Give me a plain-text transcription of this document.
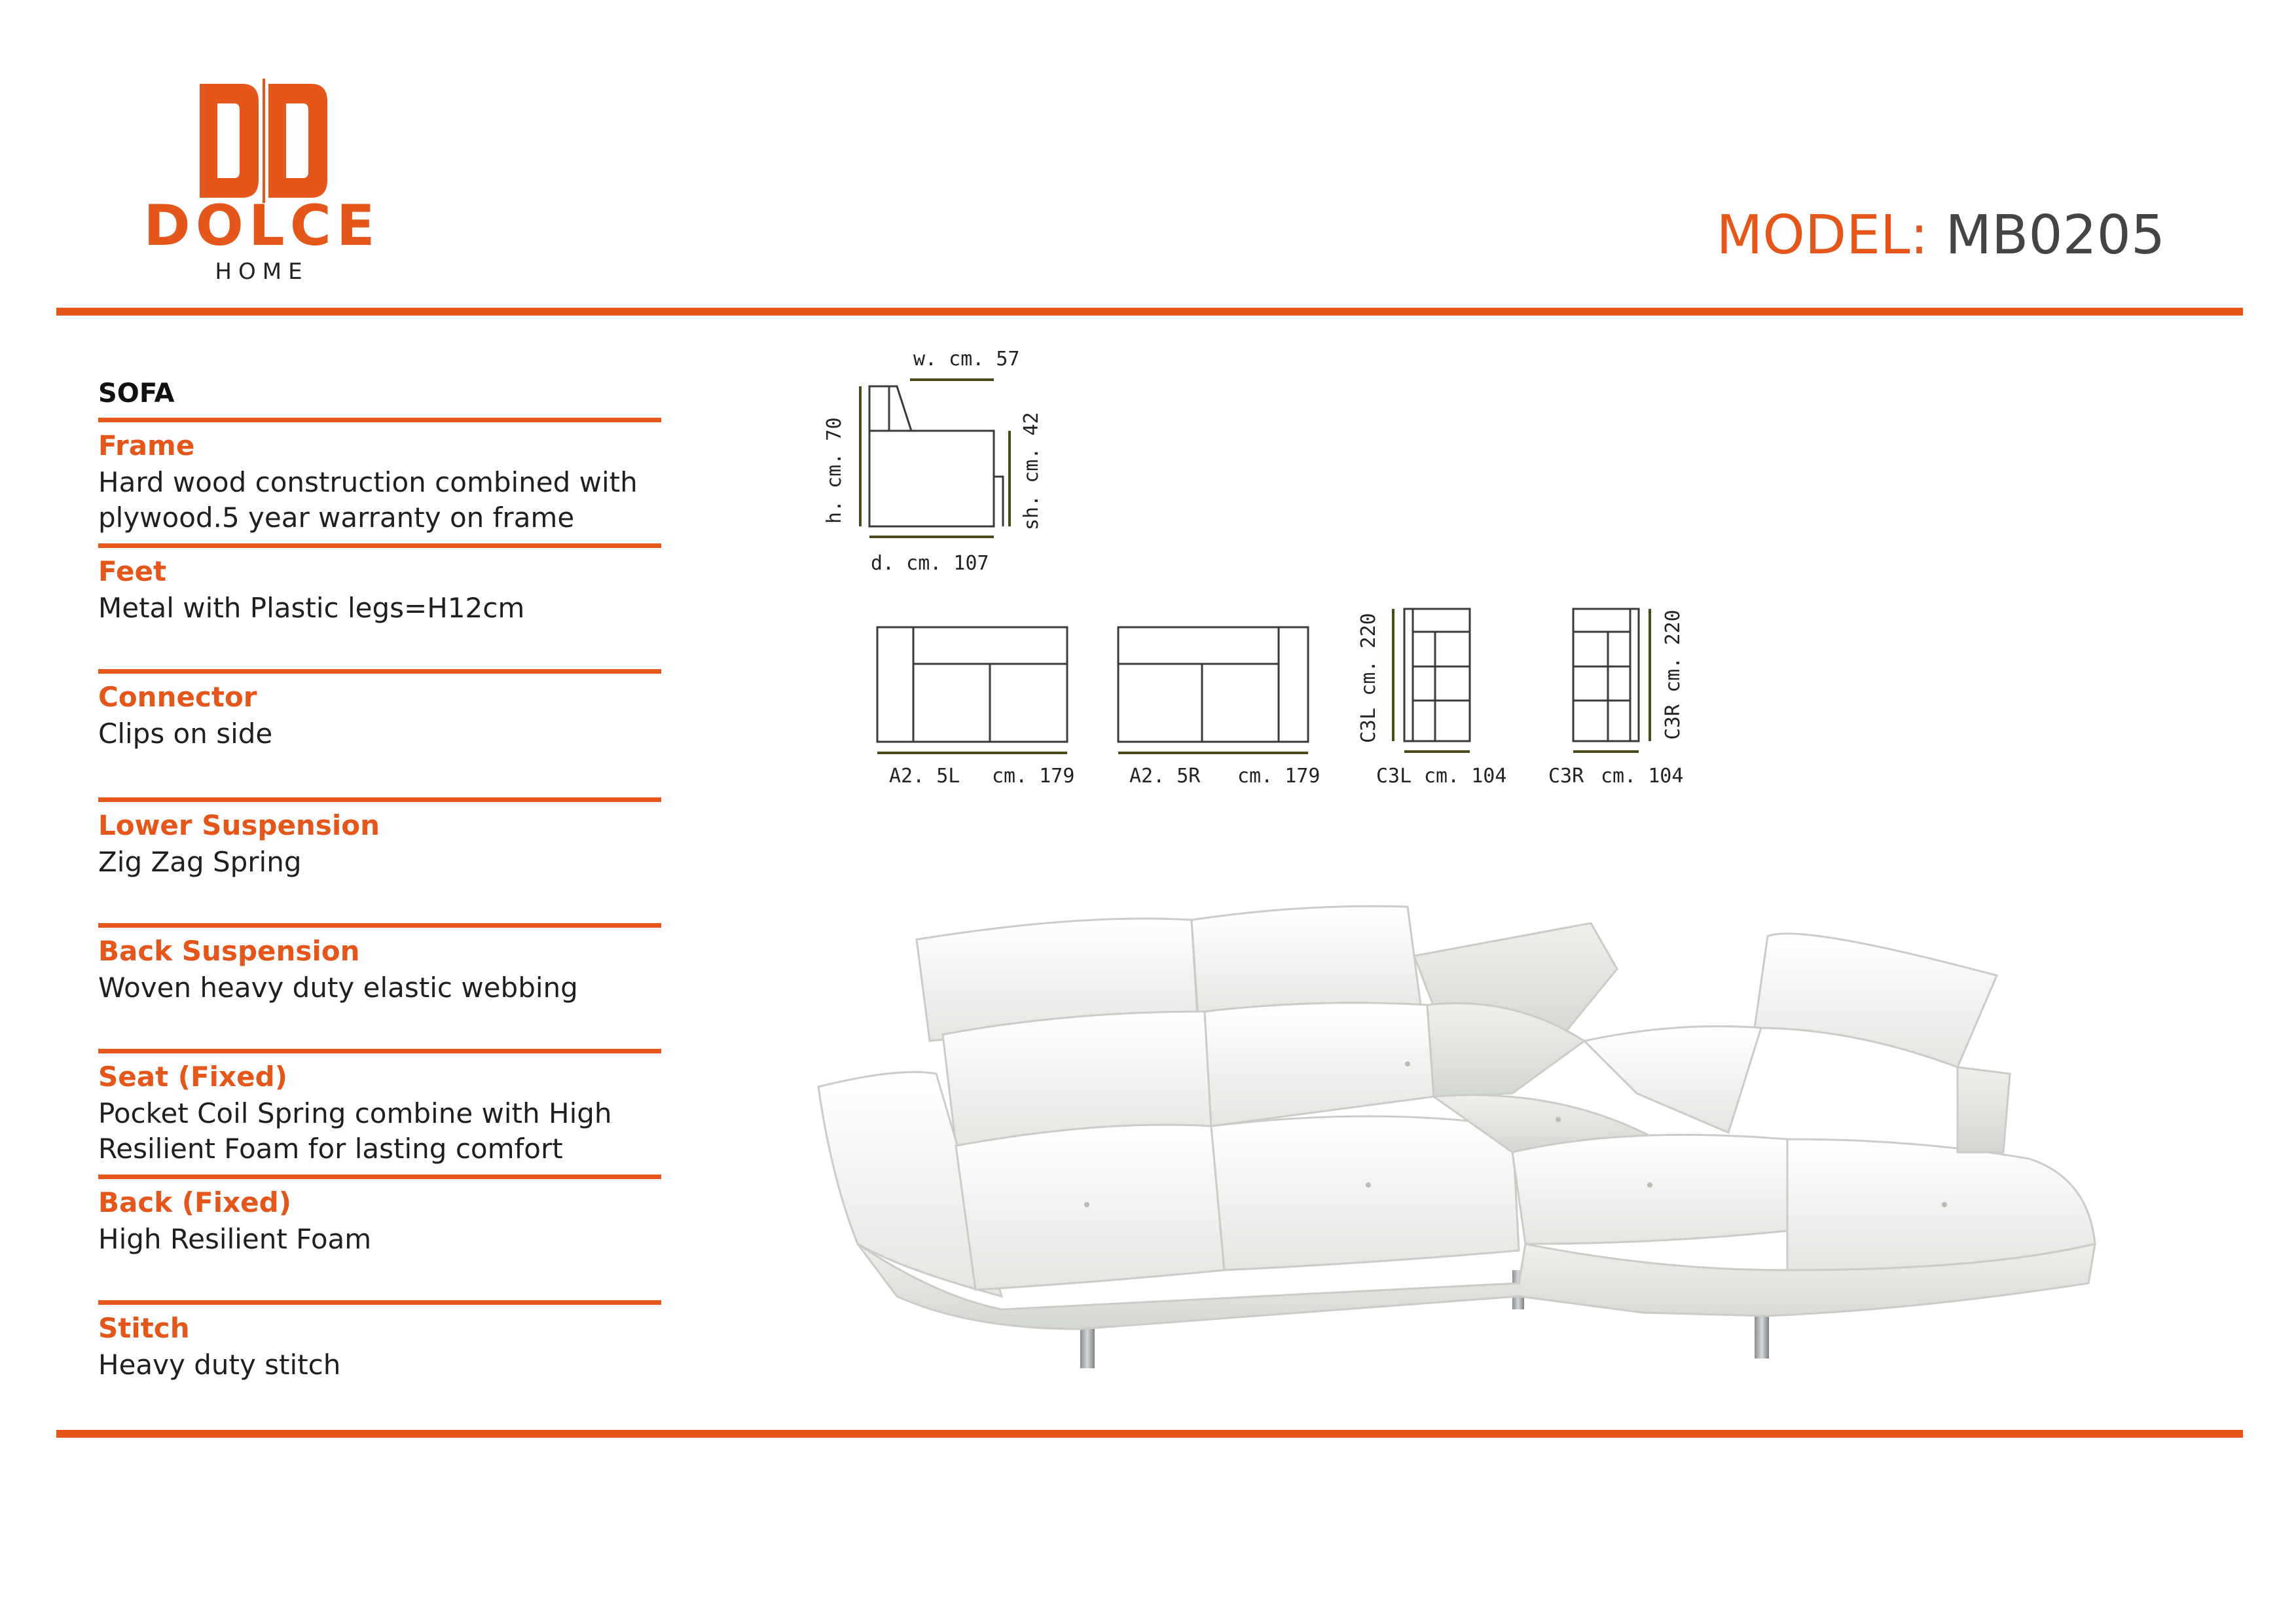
DOLCE
HOME
MODEL: MB0205
SOFA
Frame
Hard wood construction combined with plywood.5 year warranty on frame
Feet
Metal with Plastic legs=H12cm
Connector
Clips on side
Lower Suspension
Zig Zag Spring
Back Suspension
Woven heavy duty elastic webbing
Seat (Fixed)
Pocket Coil Spring combine with High Resilient Foam for lasting comfort
Back (Fixed)
High Resilient Foam
Stitch
Heavy duty stitch
w. cm. 57
h. cm. 70	sh. cm. 42
d. cm. 107
A2. 5L cm. 179	A2. 5R cm. 179
C3L cm. 220
C3L cm. 104
C3R cm. 220
C3R cm. 104
